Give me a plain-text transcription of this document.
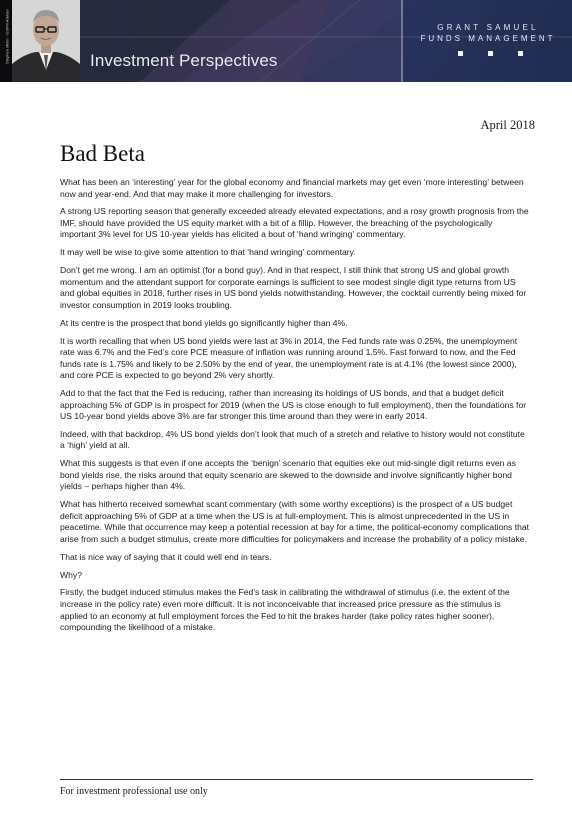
Stephen Miller - GSFM Adviser	Investment Perspectives
GRANT SAMUEL
FUNDS MANAGEMENT
April 2018
Bad Beta

What has been an ‘interesting’ year for the global economy and financial markets may get even ‘more interesting’ between now and year-end. And that may make it more challenging for investors.

A strong US reporting season that generally exceeded already elevated expectations, and a rosy growth prognosis from the IMF, should have provided the US equity market with a bit of a fillip. However, the breaching of the psychologically important 3% level for US 10-year yields has elicited a bout of ‘hand wringing’ commentary.

It may well be wise to give some attention to that ‘hand wringing’ commentary.

Don’t get me wrong. I am an optimist (for a bond guy). And in that respect, I still think that strong US and global growth momentum and the attendant support for corporate earnings is sufficient to see modest single digit type returns from US and global equities in 2018, further rises in US bond yields notwithstanding. However, the cocktail currently being mixed for investor consumption in 2019 looks troubling.

At its centre is the prospect that bond yields go significantly higher than 4%.

It is worth recalling that when US bond yields were last at 3% in 2014, the Fed funds rate was 0.25%, the unemployment rate was 6.7% and the Fed’s core PCE measure of inflation was running around 1.5%. Fast forward to now, and the Fed funds rate is 1.75% and likely to be 2.50% by the end of year, the unemployment rate is at 4.1% (the lowest since 2000), and core PCE is expected to go beyond 2% very shortly.

Add to that the fact that the Fed is reducing, rather than increasing its holdings of US bonds, and that a budget deficit approaching 5% of GDP is in prospect for 2019 (when the US is close enough to full employment), then the foundations for US 10-year bond yields above 3% are far stronger this time around than they were in early 2014.

Indeed, with that backdrop, 4% US bond yields don’t look that much of a stretch and relative to history would not constitute a ‘high’ yield at all.

What this suggests is that even if one accepts the ‘benign’ scenario that equities eke out mid-single digit returns even as bond yields rise, the risks around that equity scenario are skewed to the downside and involve significantly higher bond yields – perhaps higher than 4%.

What has hitherto received somewhat scant commentary (with some worthy exceptions) is the prospect of a US budget deficit approaching 5% of GDP at a time when the US is at full-employment. This is almost unprecedented in the US in peacetime. While that occurrence may keep a potential recession at bay for a time, the political-economy complications that arise from such a budget stimulus, create more difficulties for policymakers and increase the probability of a policy mistake.

That is nice way of saying that it could well end in tears.

Why?

Firstly, the budget induced stimulus makes the Fed’s task in calibrating the withdrawal of stimulus (i.e. the extent of the increase in the policy rate) even more difficult. It is not inconceivable that increased price pressure as the stimulus is applied to an economy at full employment forces the Fed to hit the brakes harder (take policy rates higher sooner), compounding the likelihood of a mistake.

For investment professional use only
